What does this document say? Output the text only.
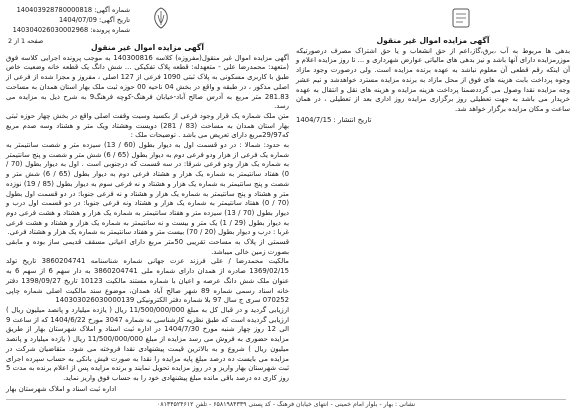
شماره آگهی: 140403928780000818
تاریخ آگهی: 1404/07/09
شماره پرونده: 140304026030002968
صفحه 1 از 2	آگهی مزایده اموال غیر منقول

بدهی ها مربوط به آب ،برق،گاز،اعم از حق انشعاب و یا حق اشتراک مصرف درصورتیکه موزرمزایده دارای آنها باشد و نیز بدهی های مالیاتی عوارض شهرداری و ... تا روز مزایده اعلام و آن اینکه رقم قطعی آن معلوم نباشد به عهده برنده مزایده است. ولی درصورت وجود مازاد وجوه پرداخت بابت هزینه های فوق از محل مازاد به برنده مزایده مسترد خواهدشد و نیم عشر وجه مزایده نقدا وصول می گرددضمنا پرداخت هزینه مزایده و هزینه های نقل و انتقال به عهده خریدار می باشد به جهت تعطیلی روز برگزاری مزایده روز اداری بعد از تعطیلی ، در همان ساعت و مکان مزایده برگزار خواهد شد.

تاریخ انتشار : 1404/7/15

آگهی مزایده اموال غیر منقول

آگهی مزایده اموال غیر منقول(مفروزه) کلاسه 140300816 به موجب پرونده اجرایی کلاسه فوق (متعهد: محمدرضا علی - متعهدله: قطعه پلاک تفکیکی ... شش دانگ یک قطعه خانه وضعیت خاص طبق با کاربری مسکونی به پلاک ثبتی 1090 فرعی از 127 اصلی ، مفروز و مجزا شده از فرعی از اصلی مذکور ، در طبقه و واقع در بخش 04 ناحیه 00 حوزه ثبت ملک بهار استان همدان به مساحت 281.83 متر مربع به آدرس صالح آباد-خیابان فرهنگ-کوچه فرهنگ9 به شرح ذیل به مزایده می رسد.

متن ملک شماره یک قرار وجود فرعی از بکسید وسیت وقفت اصلی واقع در بخش چهار حوزه ثبتی بهار استان همدان به مساحت (83 / 281) دویست وهشتاد ویک متر و هشتاد وسه صدم مربع که29/97مربع دارای تعریض می باشد . توضیحات ملک :

به حدود: شمالا : در دو قسمت اول به دیوار بطول (60 / 13) سیزده متر و شصت سانتیمتر به شماره یک فرعی از هزار ودو فرعی دوم به دیوار بطول (65 / 6) شش متر و شصت و پنج سانتیمتر به شماره یک هزار ودو فرعی شرقا: در سه قسمت که درجنوبی است . اول به دیوار بطول (70 / 0) هفتاد سانتیمتر به شماره یک هزار و هشتاد فرعی دوم به دیوار بطول (65 / 6) شش متر و شصت و پنج سانتیمتر به شماره یک هزار و هشتاد و نه فرعی سوم به دیوار بطول (85 / 19) نوزده متر و هشتاد و پنج سانتیمتر به شماره یک هزار و هشتاد و نه فرعی جنوبا: در دو قسمت اول بطول (70 / 0) هفتاد سانتیمتر به شماره یک هزار و هشتاد ونه فرعی جنوبا: در دو قسمت اول درب و دیوار بطول (70 / 13) سیزده متر و هفتاد سانتیمتر به شماره یک هزار و هشتاد و هشت فرعی دوم به دیوار بطول (29 / 1) یک متر و بیست و نه سانتیمتر به شماره یک هزار و هشتاد و هشت فرعی غربا : درب و دیوار بطول (20 / 70) بیست متر و هفتاد سانتیمتر به شماره یک هزار و هشتاد فرعی.

قسمتی از پلاک به مساحت تقریبی 50متر مربع دارای اعیانی مسقف قدیمی ساز بوده و مابقی بصورت زمین خالی میباشد.

مالکیت محمدرضا / علی فرزند عزت جهانی شماره شناسنامه 3860204741 تاریخ تولد 1369/02/15 صادره از همدان دارای شماره ملی 3860204741 به دار سهم 6 از سهم 6 به عنوان ملک شش دانگ عرصه و اعیان با شماره مستند مالکیت 10123 تاریخ 1398/09/27 دفتر خانه اسناد رسمی شماره 89 شهر صالح آباد همدان، موضوع سند مالکیت اصلی شماره چاپی 070252 سری ج سال 97 بلا شماره دفتر الکترونیکی 140303026030000139

ارزیابی گردید و در قبال کل به مبلغ 11/500/000/000 ریال ( یازده میلیارد و پانصد میلیون ریال ) ارزیابی گردیده است که طبق نظریه کارشناسی به شماره 3047 مورخ 1404/6/22 که از ساعت 9 الی 12 روز چهار شنبه مورخ 1404/7/30 در اداره ثبت اسناد و املاک شهرستان بهار از طریق مزایده حضوری به فروش می رسد مزایده از مبلغ 11/500/000/000 ریال ( یازده میلیارد و پانصد میلیون ریال ) شروع و به بالاترین قیمت پیشنهادی نقدا فروخته می شود. متقاضیان شرکت در مزایده می بایست ده درصد مبلغ پایه مزایده را نقدا به صورت فیش بانکی به حساب سپرده اجرای ثبت شهرستان بهار واریز و در روز مزایده تحویل نمایند و برنده مزایده پس از اعلام برنده به مدت 5 روز کاری ده درصد باقی مانده مبلغ پیشنهادی خود را به حساب فوق واریز نماید.

اداره ثبت اسناد و املاک شهرستان بهار

نشانی : بهار - بلوار امام خمینی - انتهای خیابان فرهنگ - کد پستی ۶۵۸۱۹۸۴۳۳۹ - تلفن ۰۸۱۳۴۵۲۴۶۱۲
